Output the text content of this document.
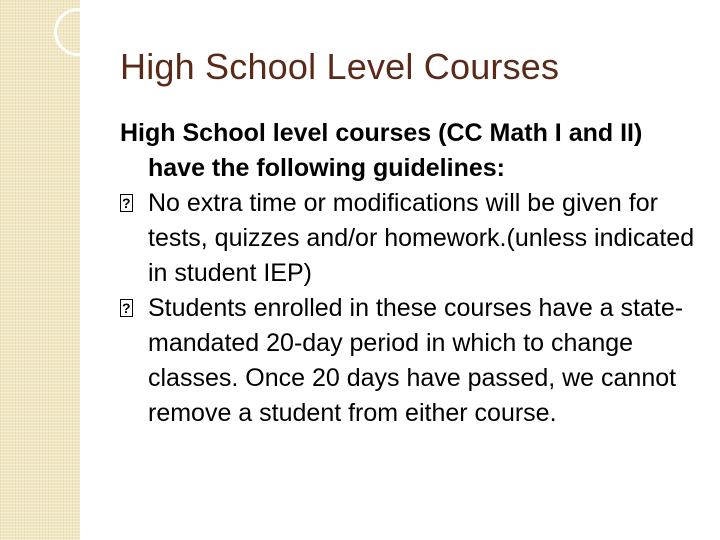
High School Level Courses

High School level courses (CC Math I and II) have the following guidelines:

?No extra time or modifications will be given for tests, quizzes and/or homework.(unless indicated in student IEP)

?Students enrolled in these courses have a state-mandated 20-day period in which to change classes. Once 20 days have passed, we cannot remove a student from either course.
